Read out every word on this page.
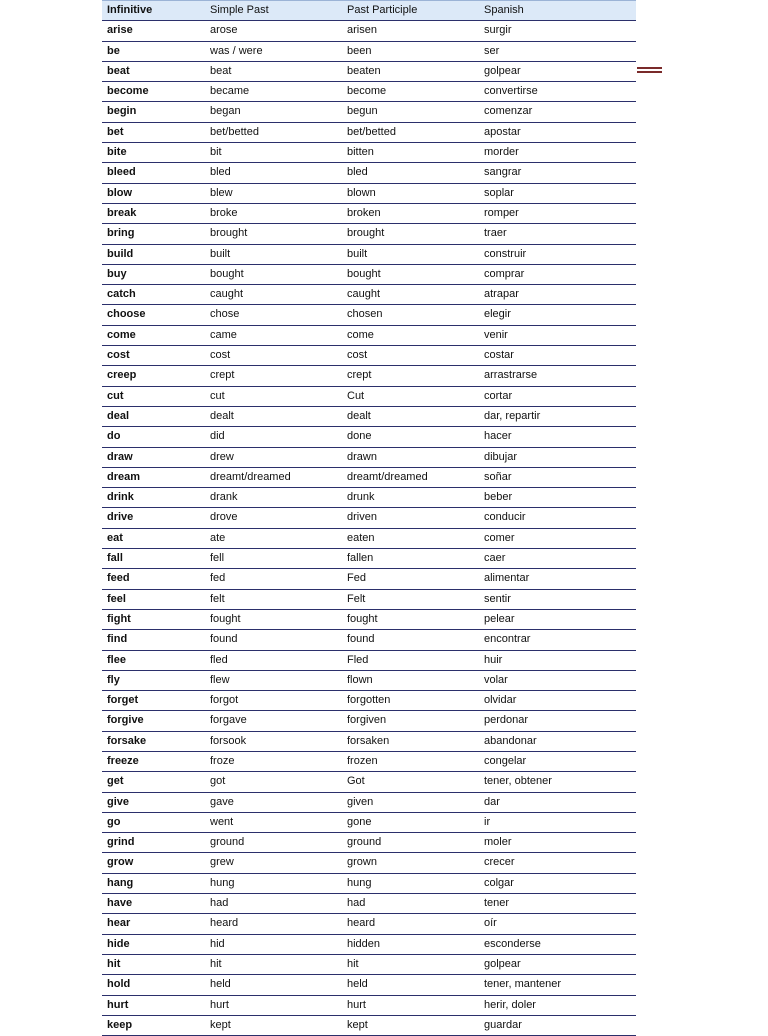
Infinitive	Simple Past	Past Participle	Spanish
arise	arose	arisen	surgir
be	was / were	been	ser
beat	beat	beaten	golpear
become	became	become	convertirse
begin	began	begun	comenzar
bet	bet/betted	bet/betted	apostar
bite	bit	bitten	morder
bleed	bled	bled	sangrar
blow	blew	blown	soplar
break	broke	broken	romper
bring	brought	brought	traer
build	built	built	construir
buy	bought	bought	comprar
catch	caught	caught	atrapar
choose	chose	chosen	elegir
come	came	come	venir
cost	cost	cost	costar
creep	crept	crept	arrastrarse
cut	cut	Cut	cortar
deal	dealt	dealt	dar, repartir
do	did	done	hacer
draw	drew	drawn	dibujar
dream	dreamt/dreamed	dreamt/dreamed	soñar
drink	drank	drunk	beber
drive	drove	driven	conducir
eat	ate	eaten	comer
fall	fell	fallen	caer
feed	fed	Fed	alimentar
feel	felt	Felt	sentir
fight	fought	fought	pelear
find	found	found	encontrar
flee	fled	Fled	huir
fly	flew	flown	volar
forget	forgot	forgotten	olvidar
forgive	forgave	forgiven	perdonar
forsake	forsook	forsaken	abandonar
freeze	froze	frozen	congelar
get	got	Got	tener, obtener
give	gave	given	dar
go	went	gone	ir
grind	ground	ground	moler
grow	grew	grown	crecer
hang	hung	hung	colgar
have	had	had	tener
hear	heard	heard	oír
hide	hid	hidden	esconderse
hit	hit	hit	golpear
hold	held	held	tener, mantener
hurt	hurt	hurt	herir, doler
keep	kept	kept	guardar
